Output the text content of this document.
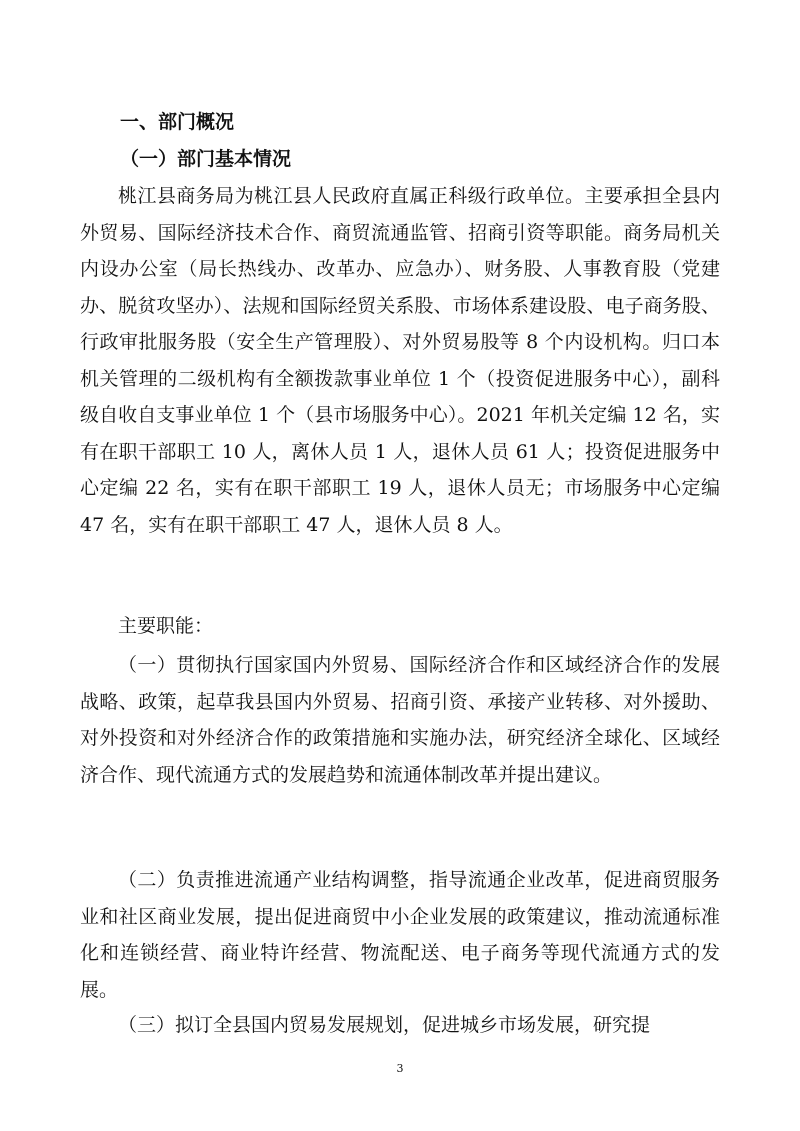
一、部门概况
（一）部门基本情况

桃江县商务局为桃江县人民政府直属正科级行政单位。主要承担全县内外贸易、国际经济技术合作、商贸流通监管、招商引资等职能。商务局机关内设办公室（局长热线办、改革办、应急办）、财务股、人事教育股（党建办、脱贫攻坚办）、法规和国际经贸关系股、市场体系建设股、电子商务股、行政审批服务股（安全生产管理股）、对外贸易股等 8 个内设机构。归口本机关管理的二级机构有全额拨款事业单位 1 个（投资促进服务中心），副科级自收自支事业单位 1 个（县市场服务中心）。2021 年机关定编 12 名，实有在职干部职工 10 人，离休人员 1 人，退休人员 61 人；投资促进服务中心定编 22 名，实有在职干部职工 19 人，退休人员无；市场服务中心定编 47 名，实有在职干部职工 47 人，退休人员 8 人。

主要职能：

（一）贯彻执行国家国内外贸易、国际经济合作和区域经济合作的发展战略、政策，起草我县国内外贸易、招商引资、承接产业转移、对外援助、对外投资和对外经济合作的政策措施和实施办法，研究经济全球化、区域经济合作、现代流通方式的发展趋势和流通体制改革并提出建议。

（二）负责推进流通产业结构调整，指导流通企业改革，促进商贸服务业和社区商业发展，提出促进商贸中小企业发展的政策建议，推动流通标准化和连锁经营、商业特许经营、物流配送、电子商务等现代流通方式的发展。

（三）拟订全县国内贸易发展规划，促进城乡市场发展，研究提

3
